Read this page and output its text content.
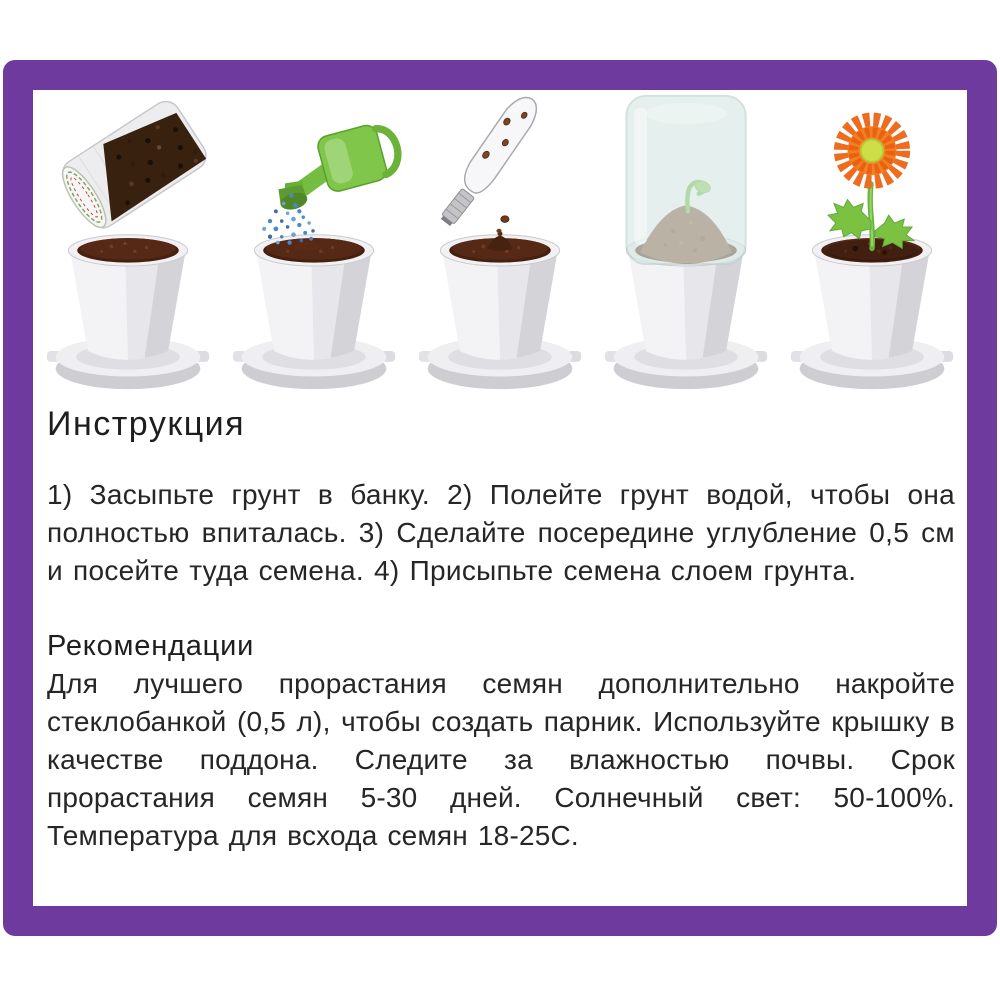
Инструкция

1) Засыпьте грунт в банку. 2) Полейте грунт водой, чтобы она полностью впиталась. 3) Сделайте посередине углубление 0,5 см и посейте туда семена. 4) Присыпьте семена слоем грунта.

Рекомендации

Для лучшего прорастания семян дополнительно накройте стеклобанкой (0,5 л), чтобы создать парник. Используйте крышку в качестве поддона. Следите за влажностью почвы. Срок прорастания семян 5-30 дней. Солнечный свет: 50-100%. Температура для всхода семян 18-25С.
